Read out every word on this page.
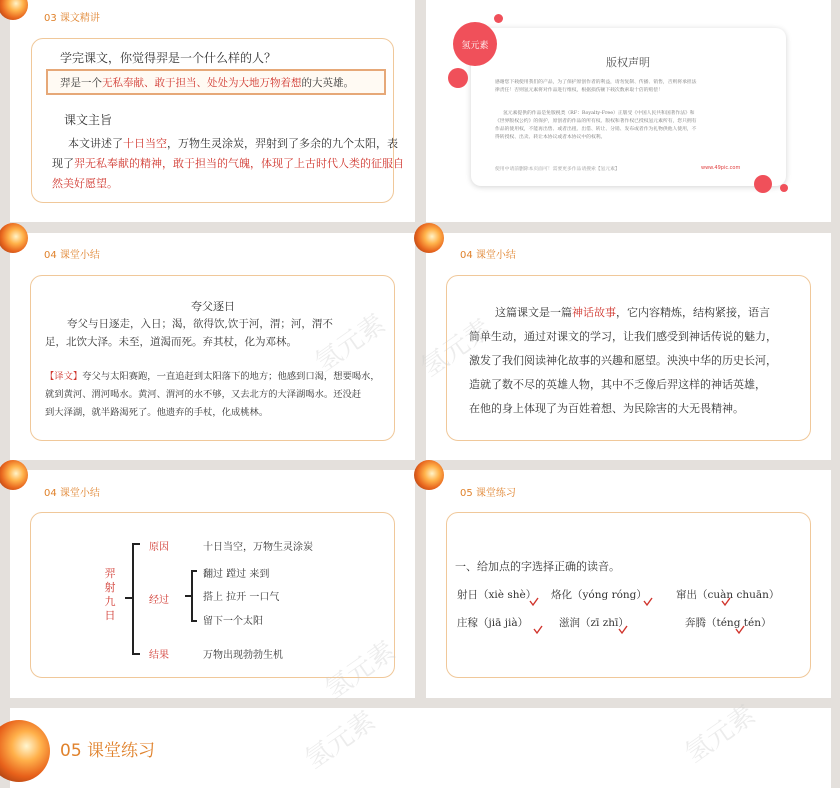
03 课文精讲
学完课文，你觉得羿是一个什么样的人？
羿是一个无私奉献、敢于担当、处处为大地万物着想的大英雄。
课文主旨
本文讲述了十日当空，万物生灵涂炭，羿射到了多余的九个太阳，表
现了羿无私奉献的精神，敢于担当的气魄，体现了上古时代人类的征服自
然美好愿望。
版权声明
感谢您下载使用我们的产品，为了保护原创作者的利益，请勿复制、传播、销售，否则将承担法
律责任！否则氢元素将对作品进行维权，根据损伤额下载次数索取十倍的赔偿！
氢元素提供的作品是免版税类（RF：Royalty-Free）正版受《中国人民共和国著作法》和
《世界版权公约》的保护，原创者的作品的所有权、版权和著作权已授权氢元素所有，您只拥有
作品的使用权，不能再出售、或者出租、出借、转让、分销、发布或者作为礼物供他人使用，不
得转授权、出卖、转让本协议或者本协议中的权利。
使用中请前删除本页面可！需要更多作品请搜索【氢元素】	www.49pic.com
氢元素
04 课堂小结
夸父逐日
夸父与日逐走，入日；渴，欲得饮,饮于河，渭；河，渭不
足，北饮大泽。未至，道渴而死。弃其杖，化为邓林。
【译文】夸父与太阳赛跑，一直追赶到太阳落下的地方；他感到口渴，想要喝水，
就到黄河、渭河喝水。黄河、渭河的水不够，又去北方的大泽湖喝水。还没赶
到大泽湖，就半路渴死了。他遗弃的手杖，化成桃林。
氢元素
04 课堂小结
这篇课文是一篇神话故事，它内容精炼，结构紧接，语言
简单生动，通过对课文的学习，让我们感受到神话传说的魅力，
激发了我们阅读神化故事的兴趣和愿望。泱泱中华的历史长河，
造就了数不尽的英雄人物，其中不乏像后羿这样的神话英雄，
在他的身上体现了为百姓着想、为民除害的大无畏精神。
氢元素
04 课堂小结
羿
射
九
日
原因	十日当空，万物生灵涂炭
经过
翻过 蹚过 来到
搭上 拉开 一口气
留下一个太阳
结果	万物出现勃勃生机 氢元素
05 课堂练习
一、给加点的字选择正确的读音。
射日（xiè shè） 烙化（yóng róng）	窜出（cuàn chuān）
庄稼（jiā jià）	滋润（zī zhī）	奔腾（téng tén）
05 课堂练习	氢元素	氢元素
